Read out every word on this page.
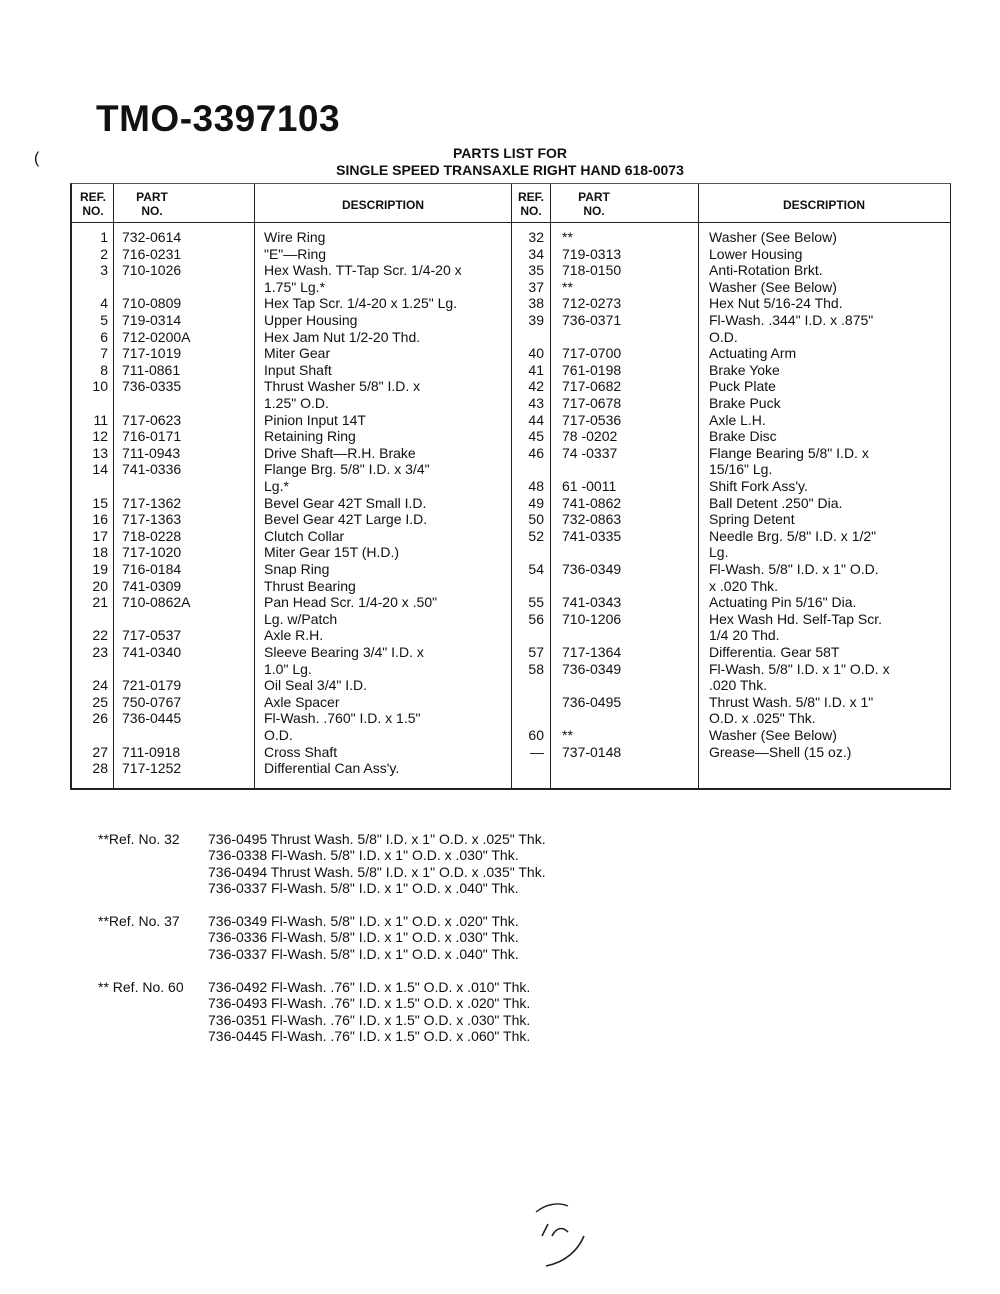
TMO-3397103
(	PARTS LIST FOR
SINGLE SPEED TRANSAXLE RIGHT HAND 618-0073
REF. NO.
PART NO.	DESCRIPTION
REF. NO.
PART NO.	DESCRIPTION
1 732-0614	Wire Ring
2 716-0231	"E"—Ring
3 710-1026	Hex Wash. TT-Tap Scr. 1/4-20 x
1.75" Lg.*
4 710-0809	Hex Tap Scr. 1/4-20 x 1.25" Lg.
5 719-0314	Upper Housing
6 712-0200A	Hex Jam Nut 1/2-20 Thd.
7 717-1019	Miter Gear
8 711-0861	Input Shaft
10 736-0335	Thrust Washer 5/8" I.D. x
1.25" O.D.
11 717-0623	Pinion Input 14T
12 716-0171	Retaining Ring
13 711-0943	Drive Shaft—R.H. Brake
14 741-0336	Flange Brg. 5/8" I.D. x 3/4"
Lg.*
15 717-1362	Bevel Gear 42T Small I.D.
16 717-1363	Bevel Gear 42T Large I.D.
17 718-0228	Clutch Collar
18 717-1020	Miter Gear 15T (H.D.)
19 716-0184	Snap Ring
20 741-0309	Thrust Bearing
21 710-0862A	Pan Head Scr. 1/4-20 x .50"
Lg. w/Patch
22 717-0537	Axle R.H.
23 741-0340	Sleeve Bearing 3/4" I.D. x
1.0" Lg.
24 721-0179	Oil Seal 3/4" I.D.
25 750-0767	Axle Spacer
26 736-0445	Fl-Wash. .760" I.D. x 1.5"
O.D.
27 711-0918	Cross Shaft
28 717-1252	Differential Can Ass'y.
32 **	Washer (See Below)
34 719-0313	Lower Housing
35 718-0150	Anti-Rotation Brkt.
37 **	Washer (See Below)
38 712-0273	Hex Nut 5/16-24 Thd.
39 736-0371	Fl-Wash. .344" I.D. x .875"
O.D.
40 717-0700	Actuating Arm
41 761-0198	Brake Yoke
42 717-0682	Puck Plate
43 717-0678	Brake Puck
44 717-0536	Axle L.H.
45 78 -0202	Brake Disc
46 74 -0337	Flange Bearing 5/8" I.D. x
15/16" Lg.
48 61 -0011	Shift Fork Ass'y.
49 741-0862	Ball Detent .250" Dia.
50 732-0863	Spring Detent
52 741-0335	Needle Brg. 5/8" I.D. x 1/2"
Lg.
54 736-0349	Fl-Wash. 5/8" I.D. x 1" O.D.
x .020 Thk.
55 741-0343	Actuating Pin 5/16" Dia.
56 710-1206	Hex Wash Hd. Self-Tap Scr.
1/4 20 Thd.
57 717-1364	Differentia. Gear 58T
58 736-0349	Fl-Wash. 5/8" I.D. x 1" O.D. x
.020 Thk.
736-0495	Thrust Wash. 5/8" I.D. x 1"
O.D. x .025" Thk.
60 **	Washer (See Below)
— 737-0148	Grease—Shell (15 oz.)
**Ref. No. 32 736-0495 Thrust Wash. 5/8" I.D. x 1" O.D. x .025" Thk.
736-0338 Fl-Wash. 5/8" I.D. x 1" O.D. x .030" Thk.
736-0494 Thrust Wash. 5/8" I.D. x 1" O.D. x .035" Thk.
736-0337 Fl-Wash. 5/8" I.D. x 1" O.D. x .040" Thk.
**Ref. No. 37 736-0349 Fl-Wash. 5/8" I.D. x 1" O.D. x .020" Thk.
736-0336 Fl-Wash. 5/8" I.D. x 1" O.D. x .030" Thk.
736-0337 Fl-Wash. 5/8" I.D. x 1" O.D. x .040" Thk.
** Ref. No. 60 736-0492 Fl-Wash. .76" I.D. x 1.5" O.D. x .010" Thk.
736-0493 Fl-Wash. .76" I.D. x 1.5" O.D. x .020" Thk.
736-0351 Fl-Wash. .76" I.D. x 1.5" O.D. x .030" Thk.
736-0445 Fl-Wash. .76" I.D. x 1.5" O.D. x .060" Thk.
